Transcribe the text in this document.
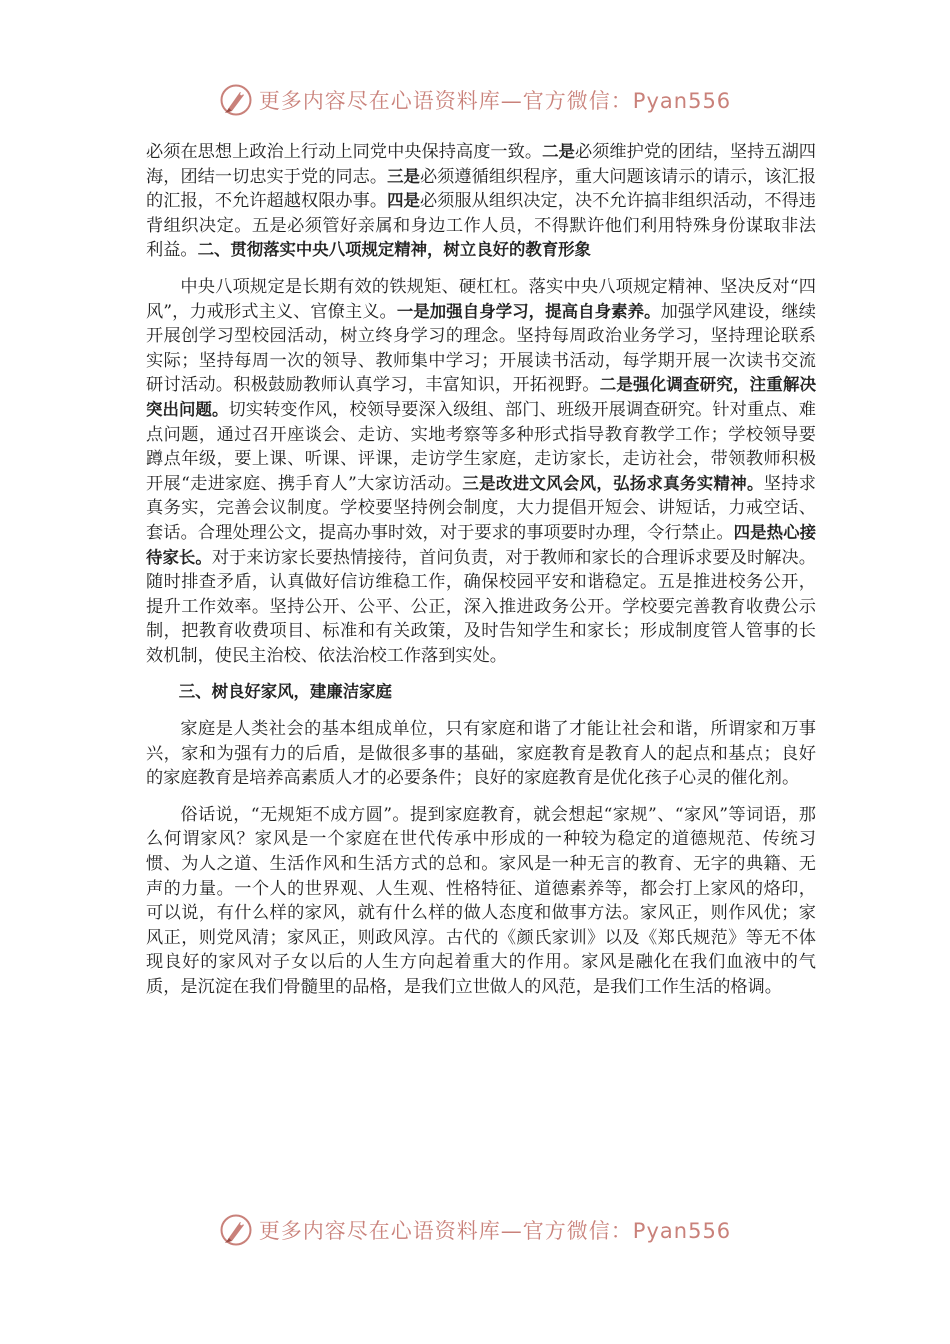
更多内容尽在心语资料库—官方微信：Pyan556

必须在思想上政治上行动上同党中央保持高度一致。二是必须维护党的团结，坚持五湖四海，团结一切忠实于党的同志。三是必须遵循组织程序，重大问题该请示的请示，该汇报的汇报，不允许超越权限办事。四是必须服从组织决定，决不允许搞非组织活动，不得违背组织决定。五是必须管好亲属和身边工作人员，不得默许他们利用特殊身份谋取非法利益。二、贯彻落实中央八项规定精神，树立良好的教育形象

中央八项规定是长期有效的铁规矩、硬杠杠。落实中央八项规定精神、坚决反对“四风”，力戒形式主义、官僚主义。一是加强自身学习，提高自身素养。加强学风建设，继续开展创学习型校园活动，树立终身学习的理念。坚持每周政治业务学习，坚持理论联系实际；坚持每周一次的领导、教师集中学习；开展读书活动，每学期开展一次读书交流研讨活动。积极鼓励教师认真学习，丰富知识，开拓视野。二是强化调查研究，注重解决突出问题。切实转变作风，校领导要深入级组、部门、班级开展调查研究。针对重点、难点问题，通过召开座谈会、走访、实地考察等多种形式指导教育教学工作；学校领导要蹲点年级，要上课、听课、评课，走访学生家庭，走访家长，走访社会，带领教师积极开展“走进家庭、携手育人”大家访活动。三是改进文风会风，弘扬求真务实精神。坚持求真务实，完善会议制度。学校要坚持例会制度，大力提倡开短会、讲短话，力戒空话、套话。合理处理公文，提高办事时效，对于要求的事项要时办理，令行禁止。四是热心接待家长。对于来访家长要热情接待，首问负责，对于教师和家长的合理诉求要及时解决。随时排查矛盾，认真做好信访维稳工作，确保校园平安和谐稳定。五是推进校务公开，提升工作效率。坚持公开、公平、公正，深入推进政务公开。学校要完善教育收费公示制，把教育收费项目、标准和有关政策，及时告知学生和家长；形成制度管人管事的长效机制，使民主治校、依法治校工作落到实处。

三、树良好家风，建廉洁家庭

家庭是人类社会的基本组成单位，只有家庭和谐了才能让社会和谐，所谓家和万事兴，家和为强有力的后盾，是做很多事的基础，家庭教育是教育人的起点和基点；良好的家庭教育是培养高素质人才的必要条件；良好的家庭教育是优化孩子心灵的催化剂。

俗话说，“无规矩不成方圆”。提到家庭教育，就会想起“家规”、“家风”等词语，那么何谓家风？家风是一个家庭在世代传承中形成的一种较为稳定的道德规范、传统习惯、为人之道、生活作风和生活方式的总和。家风是一种无言的教育、无字的典籍、无声的力量。一个人的世界观、人生观、性格特征、道德素养等，都会打上家风的烙印，可以说，有什么样的家风，就有什么样的做人态度和做事方法。家风正，则作风优；家风正，则党风清；家风正，则政风淳。古代的《颜氏家训》以及《郑氏规范》等无不体现良好的家风对子女以后的人生方向起着重大的作用。家风是融化在我们血液中的气质，是沉淀在我们骨髓里的品格，是我们立世做人的风范，是我们工作生活的格调。

更多内容尽在心语资料库—官方微信：Pyan556
